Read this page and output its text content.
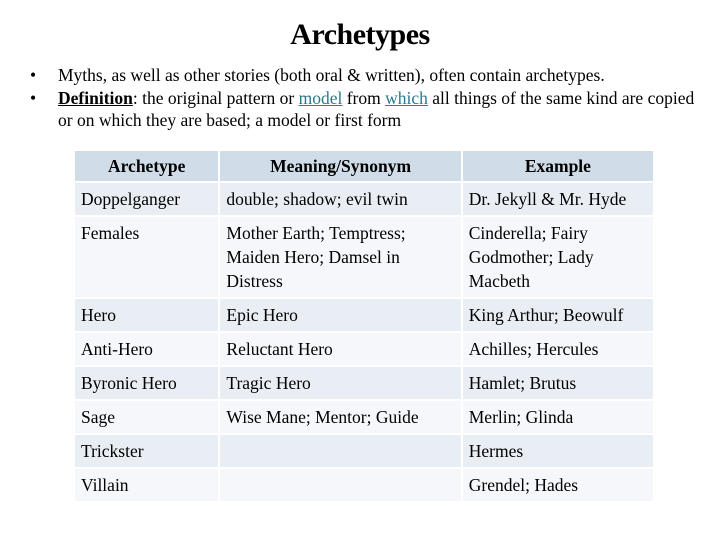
Archetypes
• Myths, as well as other stories (both oral & written), often contain archetypes.
• Definition: the original pattern or model from which all things of the same kind are copied or on which they are based; a model or first form
Archetype	Meaning/Synonym	Example
Doppelganger	double; shadow; evil twin	Dr. Jekyll & Mr. Hyde
Females	Mother Earth; Temptress; Maiden Hero; Damsel in Distress	Cinderella; Fairy Godmother; Lady Macbeth
Hero	Epic Hero	King Arthur; Beowulf
Anti-Hero	Reluctant Hero	Achilles; Hercules
Byronic Hero	Tragic Hero	Hamlet; Brutus
Sage	Wise Mane; Mentor; Guide	Merlin; Glinda
Trickster		Hermes
Villain		Grendel; Hades
